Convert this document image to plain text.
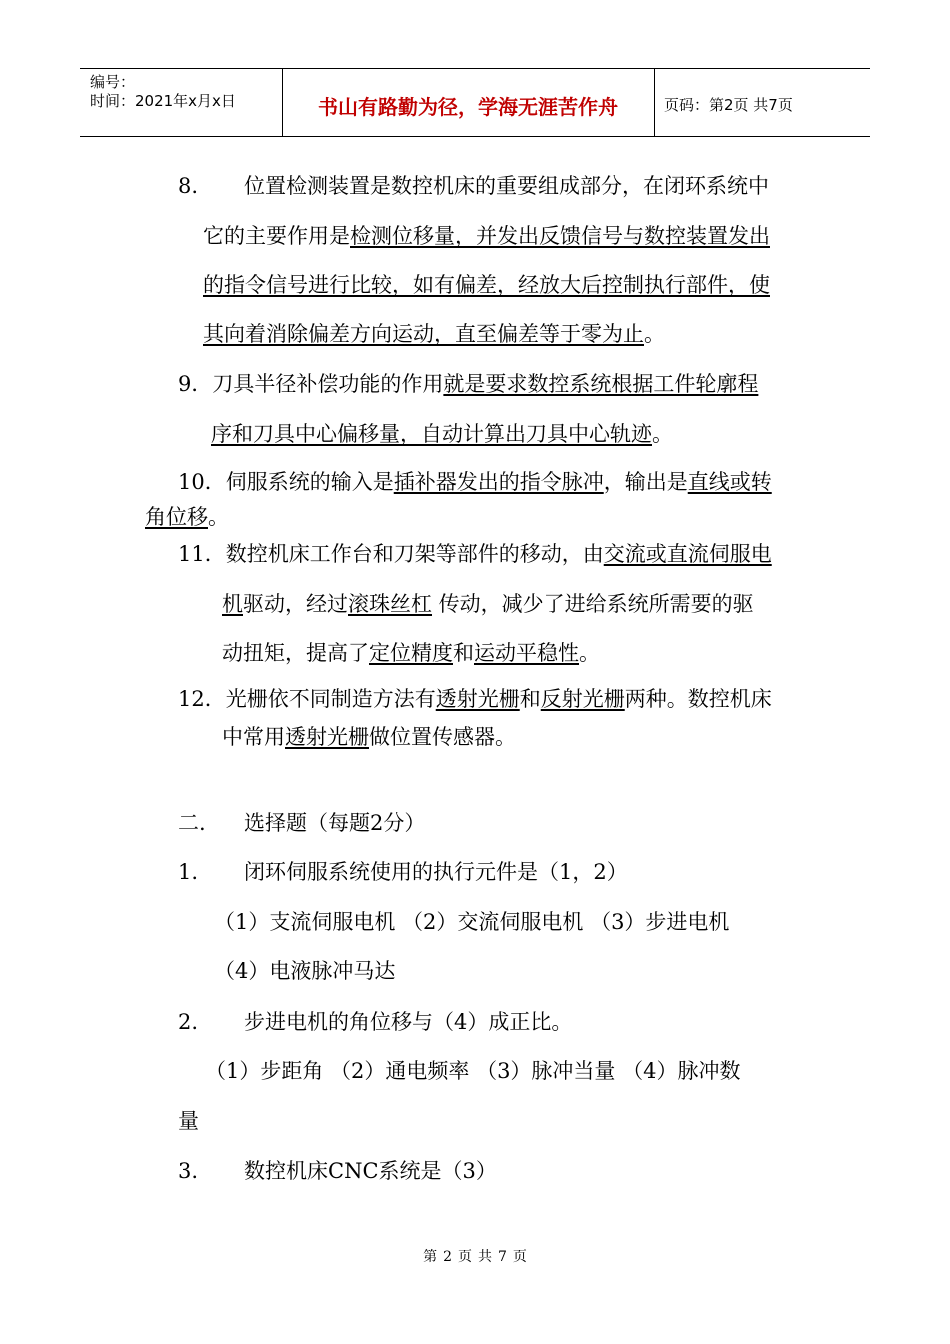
编号：
时间：2021年x月x日	书山有路勤为径，学海无涯苦作舟	页码：第2页 共7页
8. 位置检测装置是数控机床的重要组成部分，在闭环系统中
它的主要作用是检测位移量，并发出反馈信号与数控装置发出
的指令信号进行比较，如有偏差，经放大后控制执行部件，使
其向着消除偏差方向运动，直至偏差等于零为止。
9．刀具半径补偿功能的作用就是要求数控系统根据工件轮廓程
序和刀具中心偏移量，自动计算出刀具中心轨迹。
10．伺服系统的输入是插补器发出的指令脉冲，输出是直线或转
角位移。
11．数控机床工作台和刀架等部件的移动，由交流或直流伺服电
机驱动，经过滚珠丝杠 传动，减少了进给系统所需要的驱
动扭矩，提高了定位精度和运动平稳性。
12．光栅依不同制造方法有透射光栅和反射光栅两种。数控机床
中常用透射光栅做位置传感器。
二. 选择题（每题2分）
1. 闭环伺服系统使用的执行元件是（1，2）
（1）支流伺服电机 （2）交流伺服电机 （3）步进电机
（4）电液脉冲马达
2. 步进电机的角位移与（4）成正比。
（1）步距角 （2）通电频率 （3）脉冲当量 （4）脉冲数
量
3. 数控机床CNC系统是（3）
第 2 页 共 7 页
